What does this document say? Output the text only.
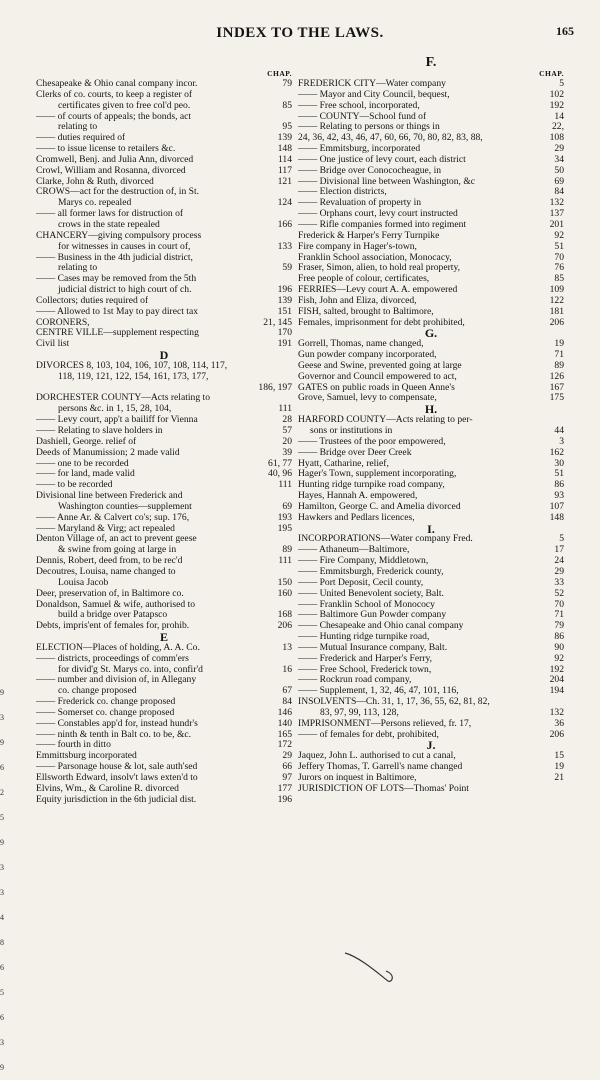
INDEX TO THE LAWS.	165
9
3
9
6
2
5
9
3
3
4
8
6
5
6
3
9
CHAP.
Chesapeake & Ohio canal company incor.	79
Clerks of co. courts, to keep a register of
certificates given to free col'd peo.	85
—— of courts of appeals; the bonds, act
relating to	95
—— duties required of	139
—— to issue license to retailers &c.	148
Cromwell, Benj. and Julia Ann, divorced	114
Crowl, William and Rosanna, divorced	117
Clarke, John & Ruth, divorced	121
CROWS—act for the destruction of, in St.
Marys co. repealed	124
—— all former laws for distruction of
crows in the state repealed	166
CHANCERY—giving compulsory process
for witnesses in causes in court of,	133
—— Business in the 4th judicial district,
relating to	59
—— Cases may be removed from the 5th
judicial district to high court of ch.	196
Collectors; duties required of	139
—— Allowed to 1st May to pay direct tax	151
CORONERS,	21, 145
CENTRE VILLE—supplement respecting	170
Civil list	191
D
DIVORCES 8, 103, 104, 106, 107, 108, 114, 117,
118, 119, 121, 122, 154, 161, 173, 177,
186, 197
DORCHESTER COUNTY—Acts relating to
persons &c. in 1, 15, 28, 104,	111
—— Levy court, app't a bailiff for Vienna	28
—— Relating to slave holders in	57
Dashiell, George. relief of	20
Deeds of Manumission; 2 made valid	39
—— one to be recorded	61, 77
—— for land, made valid	40, 96
—— to be recorded	111
Divisional line between Frederick and
Washington counties—supplement	69
—— Anne Ar. & Calvert co's; sup. 176,	193
—— Maryland & Virg; act repealed	195
Denton Village of, an act to prevent geese
& swine from going at large in	89
Dennis, Robert, deed from, to be rec'd	111
Decoutres, Louisa, name changed to
Louisa Jacob	150
Deer, preservation of, in Baltimore co.	160
Donaldson, Samuel & wife, authorised to
build a bridge over Patapsco	168
Debts, impris'ent of females for, prohib.	206
E
ELECTION—Places of holding, A. A. Co.	13
—— districts, proceedings of comm'ers
for divid'g St. Marys co. into, confir'd	16
—— number and division of, in Allegany
co. change proposed	67
—— Frederick co. change proposed	84
—— Somerset co. change proposed	146
—— Constables app'd for, instead hundr's	140
—— ninth & tenth in Balt co. to be, &c.	165
—— fourth in ditto	172
Emmittsburg incorporated	29
—— Parsonage house & lot, sale auth'sed	66
Ellsworth Edward, insolv't laws exten'd to	97
Elvins, Wm., & Caroline R. divorced	177
Equity jurisdiction in the 6th judicial dist.	196
F.
CHAP.
FREDERICK CITY—Water company	5
—— Mayor and City Council, bequest,	102
—— Free school, incorporated,	192
—— COUNTY—School fund of	14
—— Relating to persons or things in	22,
24, 36, 42, 43, 46, 47, 60, 66, 70, 80, 82, 83, 88,	108
—— Emmitsburg, incorporated	29
—— One justice of levy court, each district	34
—— Bridge over Conococheague, in	50
—— Divisional line between Washington, &c	69
—— Election districts,	84
—— Revaluation of property in	132
—— Orphans court, levy court instructed	137
—— Rifle companies formed into regiment	201
Frederick & Harper's Ferry Turnpike	92
Fire company in Hager's-town,	51
Franklin School association, Monocacy,	70
Fraser, Simon, alien, to hold real property,	76
Free people of colour, certificates,	85
FERRIES—Levy court A. A. empowered	109
Fish, John and Eliza, divorced,	122
FISH, salted, brought to Baltimore,	181
Females, imprisonment for debt prohibited,	206
G.
Gorrell, Thomas, name changed,	19
Gun powder company incorporated,	71
Geese and Swine, prevented going at large	89
Governor and Council empowered to act,	126
GATES on public roads in Queen Anne's	167
Grove, Samuel, levy to compensate,	175
H.
HARFORD COUNTY—Acts relating to per-
sons or institutions in	44
—— Trustees of the poor empowered,	3
—— Bridge over Deer Creek	162
Hyatt, Catharine, relief,	30
Hager's Town, supplement incorporating,	51
Hunting ridge turnpike road company,	86
Hayes, Hannah A. empowered,	93
Hamilton, George C. and Amelia divorced	107
Hawkers and Pedlars licences,	148
I.
INCORPORATIONS—Water company Fred.	5
—— Athaneum—Baltimore,	17
—— Fire Company, Middletown,	24
—— Emmitsburgh, Frederick county,	29
—— Port Deposit, Cecil county,	33
—— United Benevolent society, Balt.	52
—— Franklin School of Monococy	70
—— Baltimore Gun Powder company	71
—— Chesapeake and Ohio canal company	79
—— Hunting ridge turnpike road,	86
—— Mutual Insurance company, Balt.	90
—— Frederick and Harper's Ferry,	92
—— Free School, Frederick town,	192
—— Rockrun road company,	204
—— Supplement, 1, 32, 46, 47, 101, 116,	194
INSOLVENTS—Ch. 31, 1, 17, 36, 55, 62, 81, 82,
83, 97, 99, 113, 128,	132
IMPRISONMENT—Persons relieved, fr. 17,	36
—— of females for debt, prohibited,	206
J.
Jaquez, John L. authorised to cut a canal,	15
Jeffery Thomas, T. Garrell's name changed	19
Jurors on inquest in Baltimore,	21
JURISDICTION OF LOTS—Thomas' Point
